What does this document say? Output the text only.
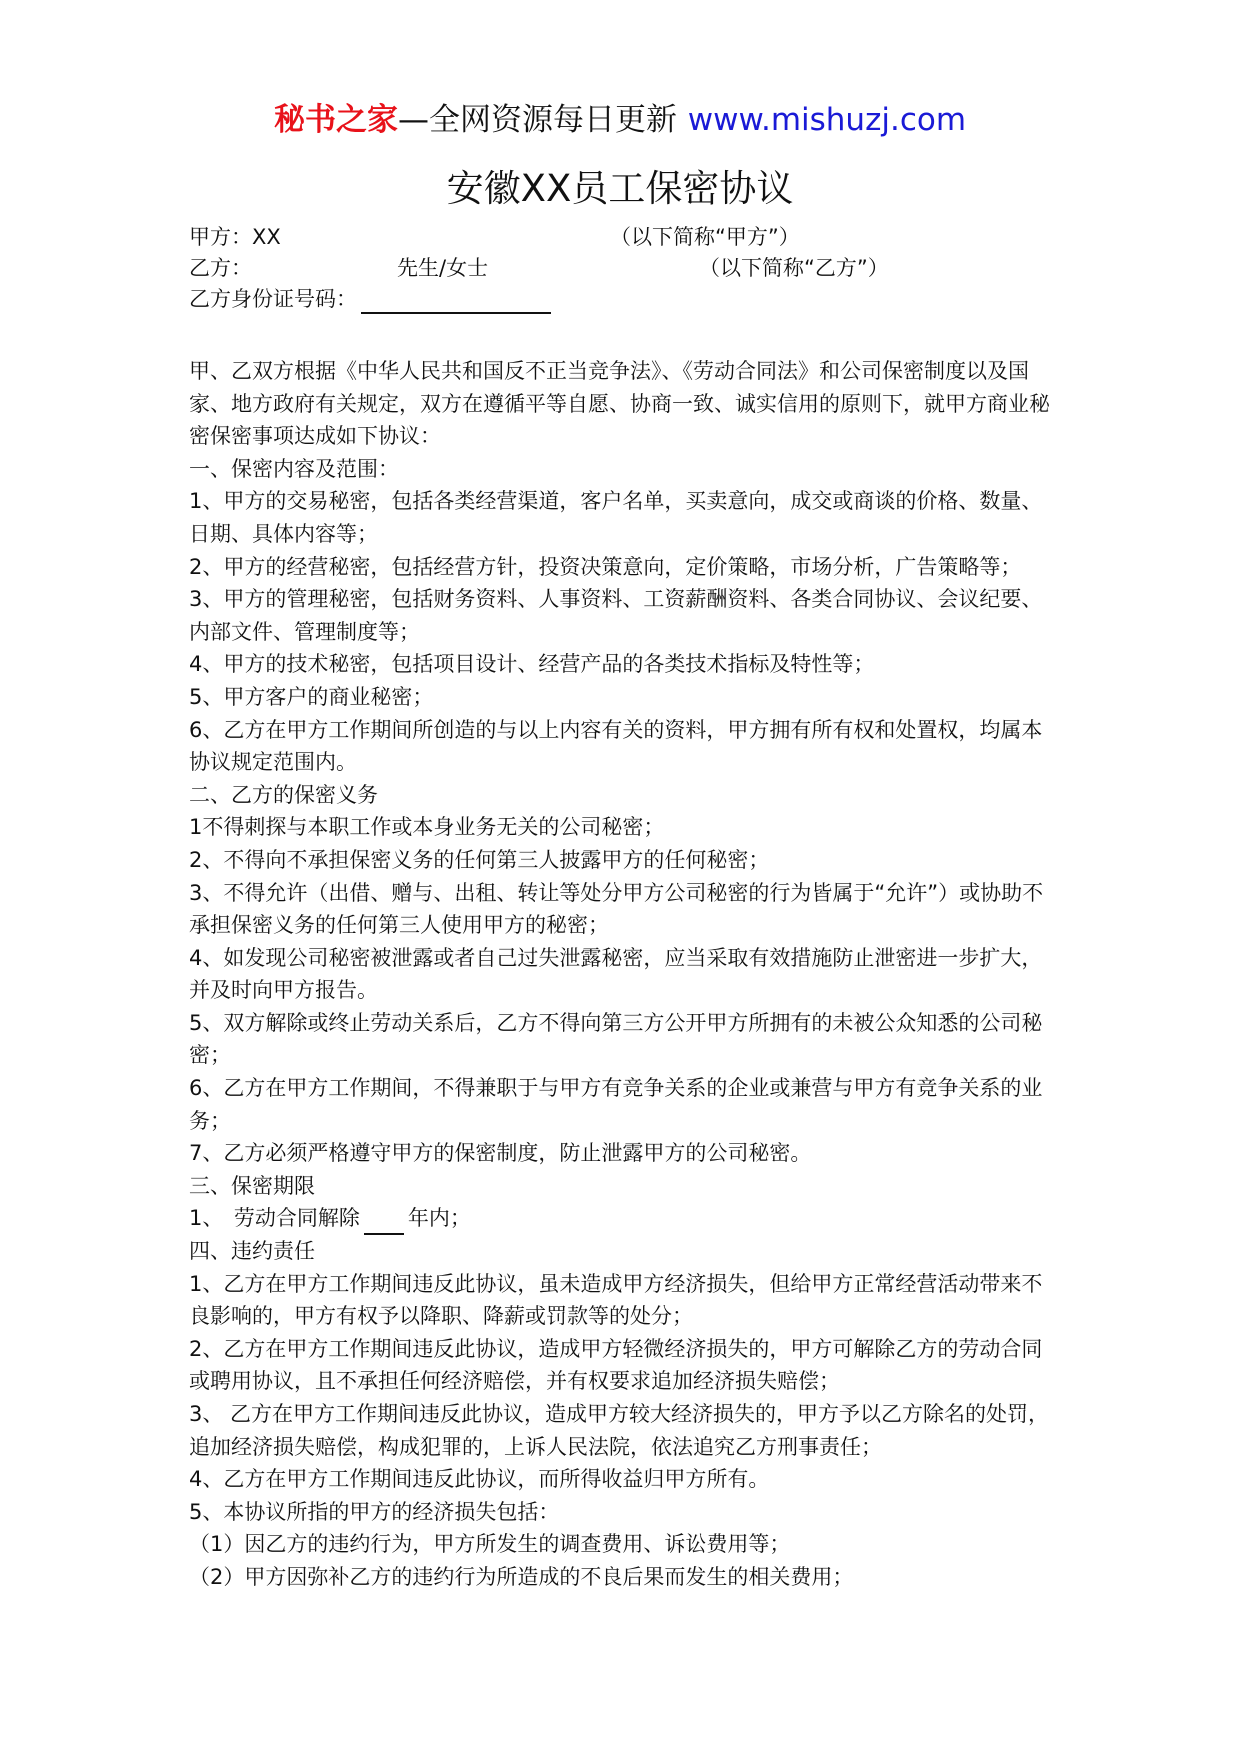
秘书之家—全网资源每日更新 www.mishuzj.com
安徽XX员工保密协议
甲方：XX	（以下简称“甲方”）
乙方：	先生/女士	（以下简称“乙方”）
乙方身份证号码：

甲、乙双方根据《中华人民共和国反不正当竞争法》、《劳动合同法》和公司保密制度以及国家、地方政府有关规定，双方在遵循平等自愿、协商一致、诚实信用的原则下，就甲方商业秘密保密事项达成如下协议：

一、保密内容及范围：

1、甲方的交易秘密，包括各类经营渠道，客户名单，买卖意向，成交或商谈的价格、数量、日期、具体内容等；

2、甲方的经营秘密，包括经营方针，投资决策意向，定价策略，市场分析，广告策略等；

3、甲方的管理秘密，包括财务资料、人事资料、工资薪酬资料、各类合同协议、会议纪要、内部文件、管理制度等；

4、甲方的技术秘密，包括项目设计、经营产品的各类技术指标及特性等；

5、甲方客户的商业秘密；

6、乙方在甲方工作期间所创造的与以上内容有关的资料，甲方拥有所有权和处置权，均属本协议规定范围内。

二、乙方的保密义务

1不得刺探与本职工作或本身业务无关的公司秘密；

2、不得向不承担保密义务的任何第三人披露甲方的任何秘密；

3、不得允许（出借、赠与、出租、转让等处分甲方公司秘密的行为皆属于“允许”）或协助不承担保密义务的任何第三人使用甲方的秘密；

4、如发现公司秘密被泄露或者自己过失泄露秘密，应当采取有效措施防止泄密进一步扩大，并及时向甲方报告。

5、双方解除或终止劳动关系后，乙方不得向第三方公开甲方所拥有的未被公众知悉的公司秘密；

6、乙方在甲方工作期间，不得兼职于与甲方有竞争关系的企业或兼营与甲方有竞争关系的业务；

7、乙方必须严格遵守甲方的保密制度，防止泄露甲方的公司秘密。

三、保密期限

1、　劳动合同解除 年内；

四、违约责任

1、乙方在甲方工作期间违反此协议，虽未造成甲方经济损失，但给甲方正常经营活动带来不良影响的，甲方有权予以降职、降薪或罚款等的处分；

2、乙方在甲方工作期间违反此协议，造成甲方轻微经济损失的，甲方可解除乙方的劳动合同或聘用协议，且不承担任何经济赔偿，并有权要求追加经济损失赔偿；

3、 乙方在甲方工作期间违反此协议，造成甲方较大经济损失的，甲方予以乙方除名的处罚，追加经济损失赔偿，构成犯罪的，上诉人民法院，依法追究乙方刑事责任；

4、乙方在甲方工作期间违反此协议，而所得收益归甲方所有。

5、本协议所指的甲方的经济损失包括：

（1）因乙方的违约行为，甲方所发生的调查费用、诉讼费用等；

（2）甲方因弥补乙方的违约行为所造成的不良后果而发生的相关费用；
